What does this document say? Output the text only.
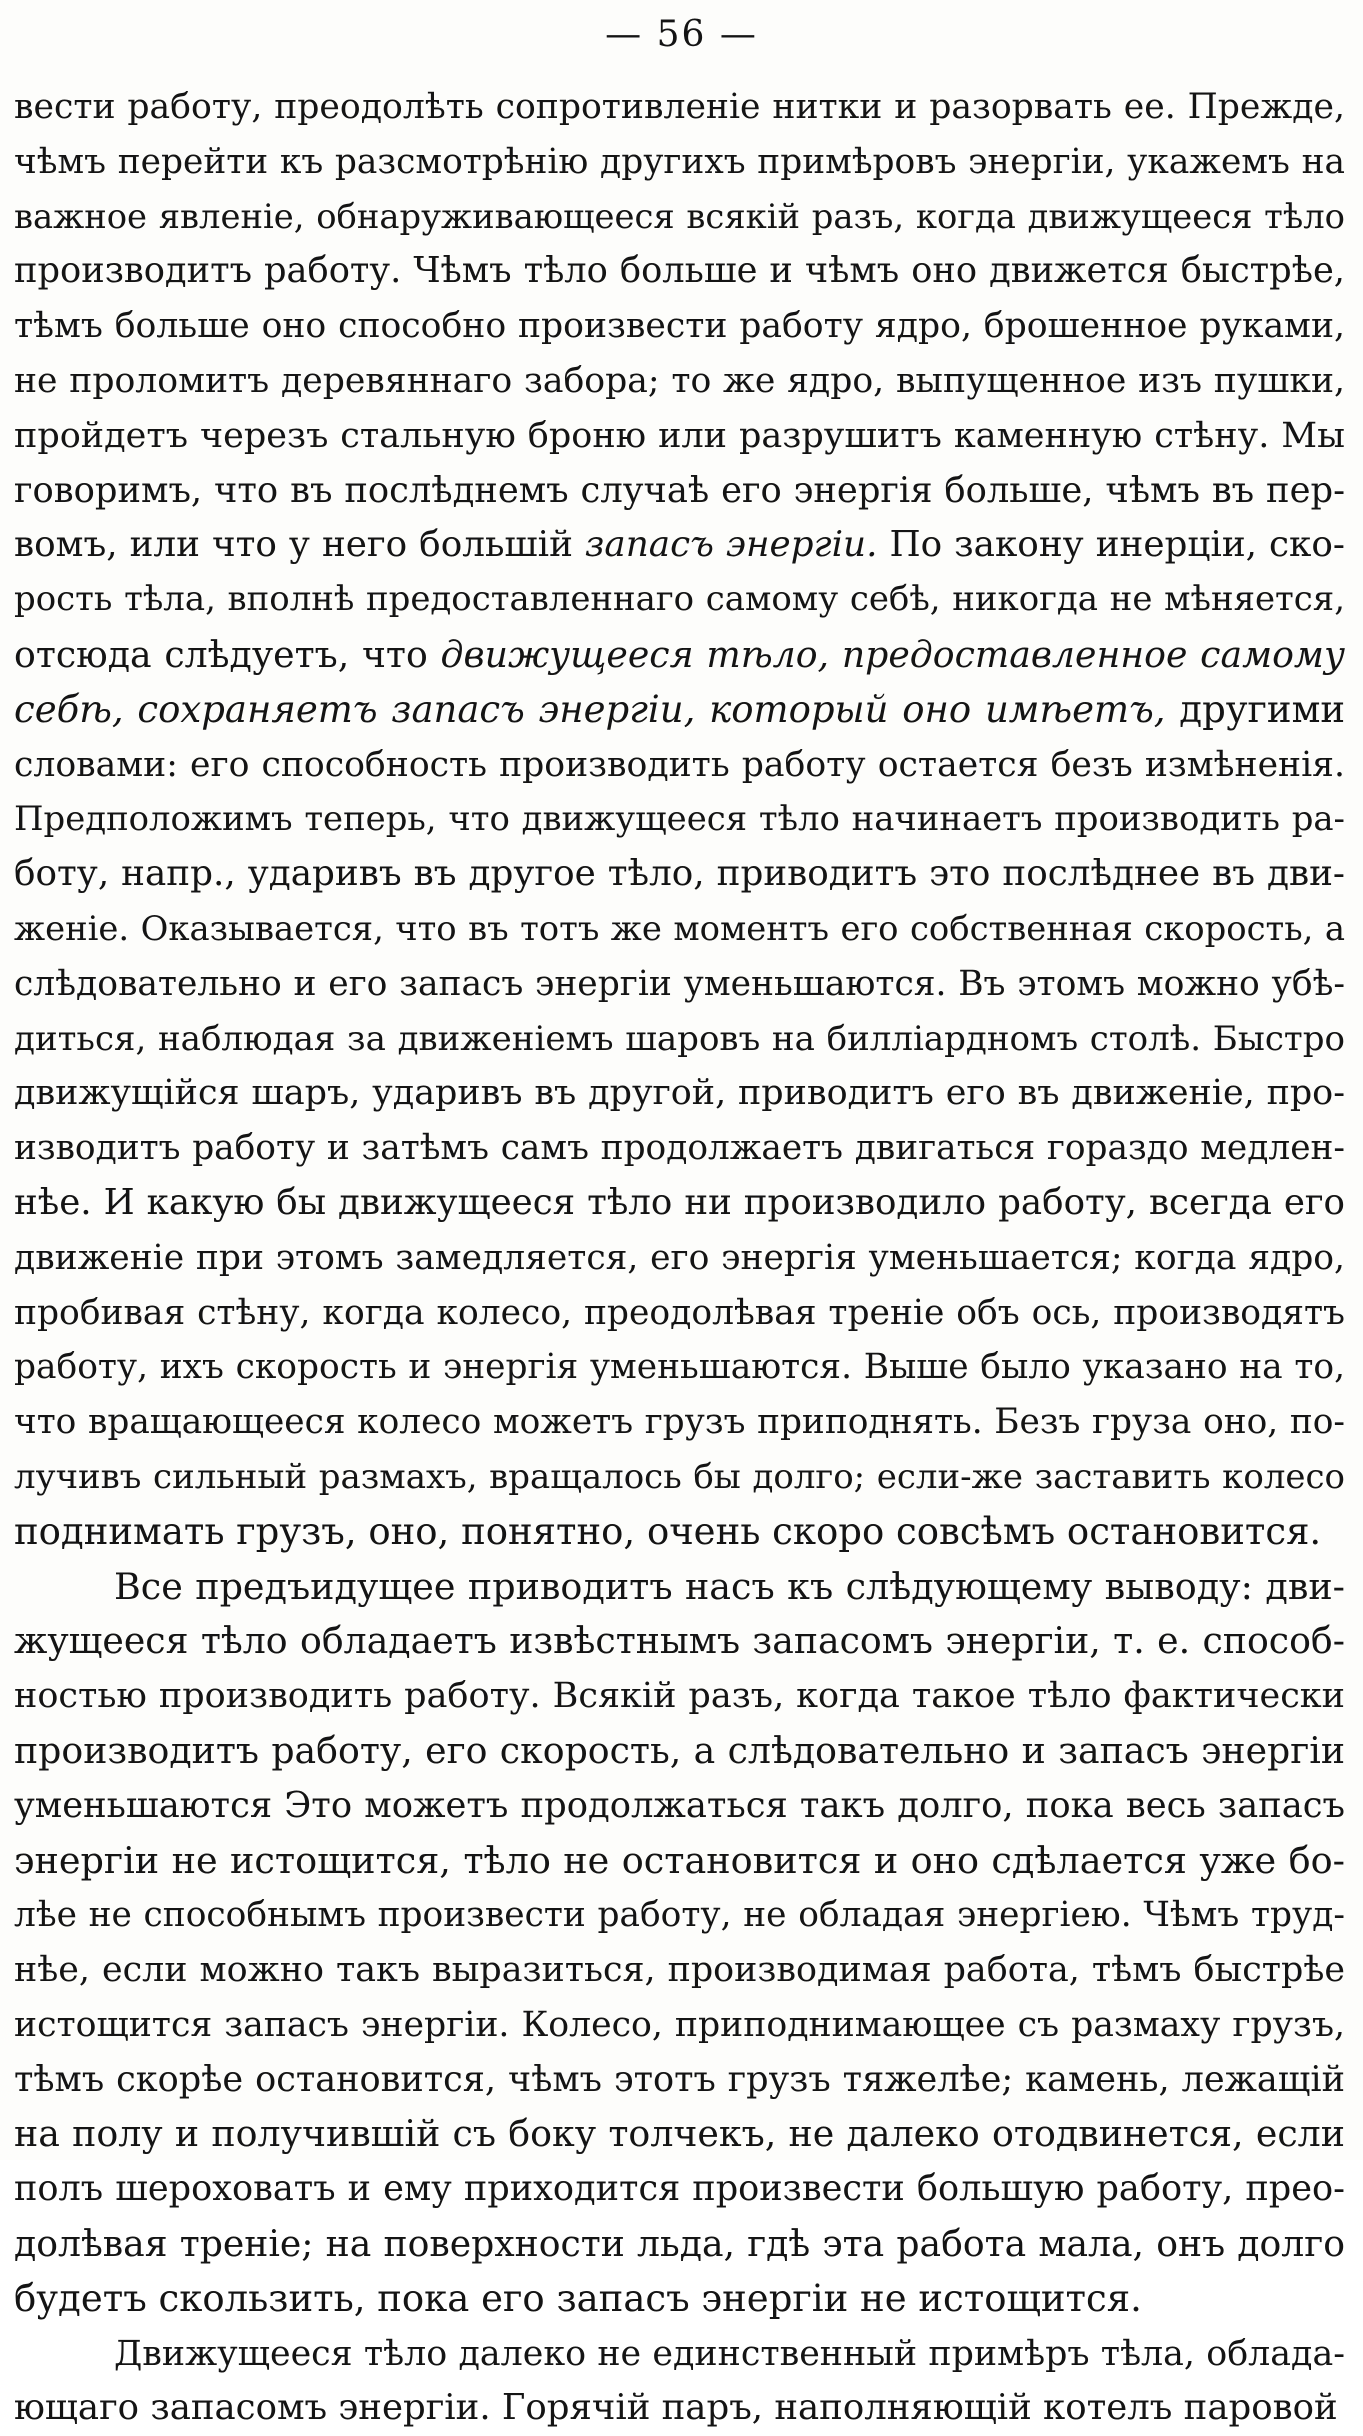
— 56 —
вести работу, преодолѣть сопротивленіе нитки и разорвать ее. Прежде,
чѣмъ перейти къ разсмотрѣнію другихъ примѣровъ энергіи, укажемъ на
важное явленіе, обнаруживающееся всякій разъ, когда движущееся тѣло
производитъ работу. Чѣмъ тѣло больше и чѣмъ оно движется быстрѣе,
тѣмъ больше оно способно произвести работу ядро, брошенное руками,
не проломитъ деревяннаго забора; то же ядро, выпущенное изъ пушки,
пройдетъ черезъ стальную броню или разрушитъ каменную стѣну. Мы
говоримъ, что въ послѣднемъ случаѣ его энергія больше, чѣмъ въ пер-
вомъ, или что у него большій запасъ энергіи. По закону инерціи, ско-
рость тѣла, вполнѣ предоставленнаго самому себѣ, никогда не мѣняется,
отсюда слѣдуетъ, что движущееся тѣло, предоставленное самому
себѣ, сохраняетъ запасъ энергіи, который оно имѣетъ, другими
словами: его способность производить работу остается безъ измѣненія.
Предположимъ теперь, что движущееся тѣло начинаетъ производить ра-
боту, напр., ударивъ въ другое тѣло, приводитъ это послѣднее въ дви-
женіе. Оказывается, что въ тотъ же моментъ его собственная скорость, а
слѣдовательно и его запасъ энергіи уменьшаются. Въ этомъ можно убѣ-
диться, наблюдая за движеніемъ шаровъ на билліардномъ столѣ. Быстро
движущійся шаръ, ударивъ въ другой, приводитъ его въ движеніе, про-
изводитъ работу и затѣмъ самъ продолжаетъ двигаться гораздо медлен-
нѣе. И какую бы движущееся тѣло ни производило работу, всегда его
движеніе при этомъ замедляется, его энергія уменьшается; когда ядро,
пробивая стѣну, когда колесо, преодолѣвая треніе объ ось, производятъ
работу, ихъ скорость и энергія уменьшаются. Выше было указано на то,
что вращающееся колесо можетъ грузъ приподнять. Безъ груза оно, по-
лучивъ сильный размахъ, вращалось бы долго; если-же заставить колесо
поднимать грузъ, оно, понятно, очень скоро совсѣмъ остановится.
Все предъидущее приводитъ насъ къ слѣдующему выводу: дви-
жущееся тѣло обладаетъ извѣстнымъ запасомъ энергіи, т. е. способ-
ностью производить работу. Всякій разъ, когда такое тѣло фактически
производитъ работу, его скорость, а слѣдовательно и запасъ энергіи
уменьшаются Это можетъ продолжаться такъ долго, пока весь запасъ
энергіи не истощится, тѣло не остановится и оно сдѣлается уже бо-
лѣе не способнымъ произвести работу, не обладая энергіею. Чѣмъ труд-
нѣе, если можно такъ выразиться, производимая работа, тѣмъ быстрѣе
истощится запасъ энергіи. Колесо, приподнимающее съ размаху грузъ,
тѣмъ скорѣе остановится, чѣмъ этотъ грузъ тяжелѣе; камень, лежащій
на полу и получившій съ боку толчекъ, не далеко отодвинется, если
полъ шероховатъ и ему приходится произвести большую работу, прео-
долѣвая треніе; на поверхности льда, гдѣ эта работа мала, онъ долго
будетъ скользить, пока его запасъ энергіи не истощится.
Движущееся тѣло далеко не единственный примѣръ тѣла, облада-
ющаго запасомъ энергіи. Горячій паръ, наполняющій котелъ паровой
